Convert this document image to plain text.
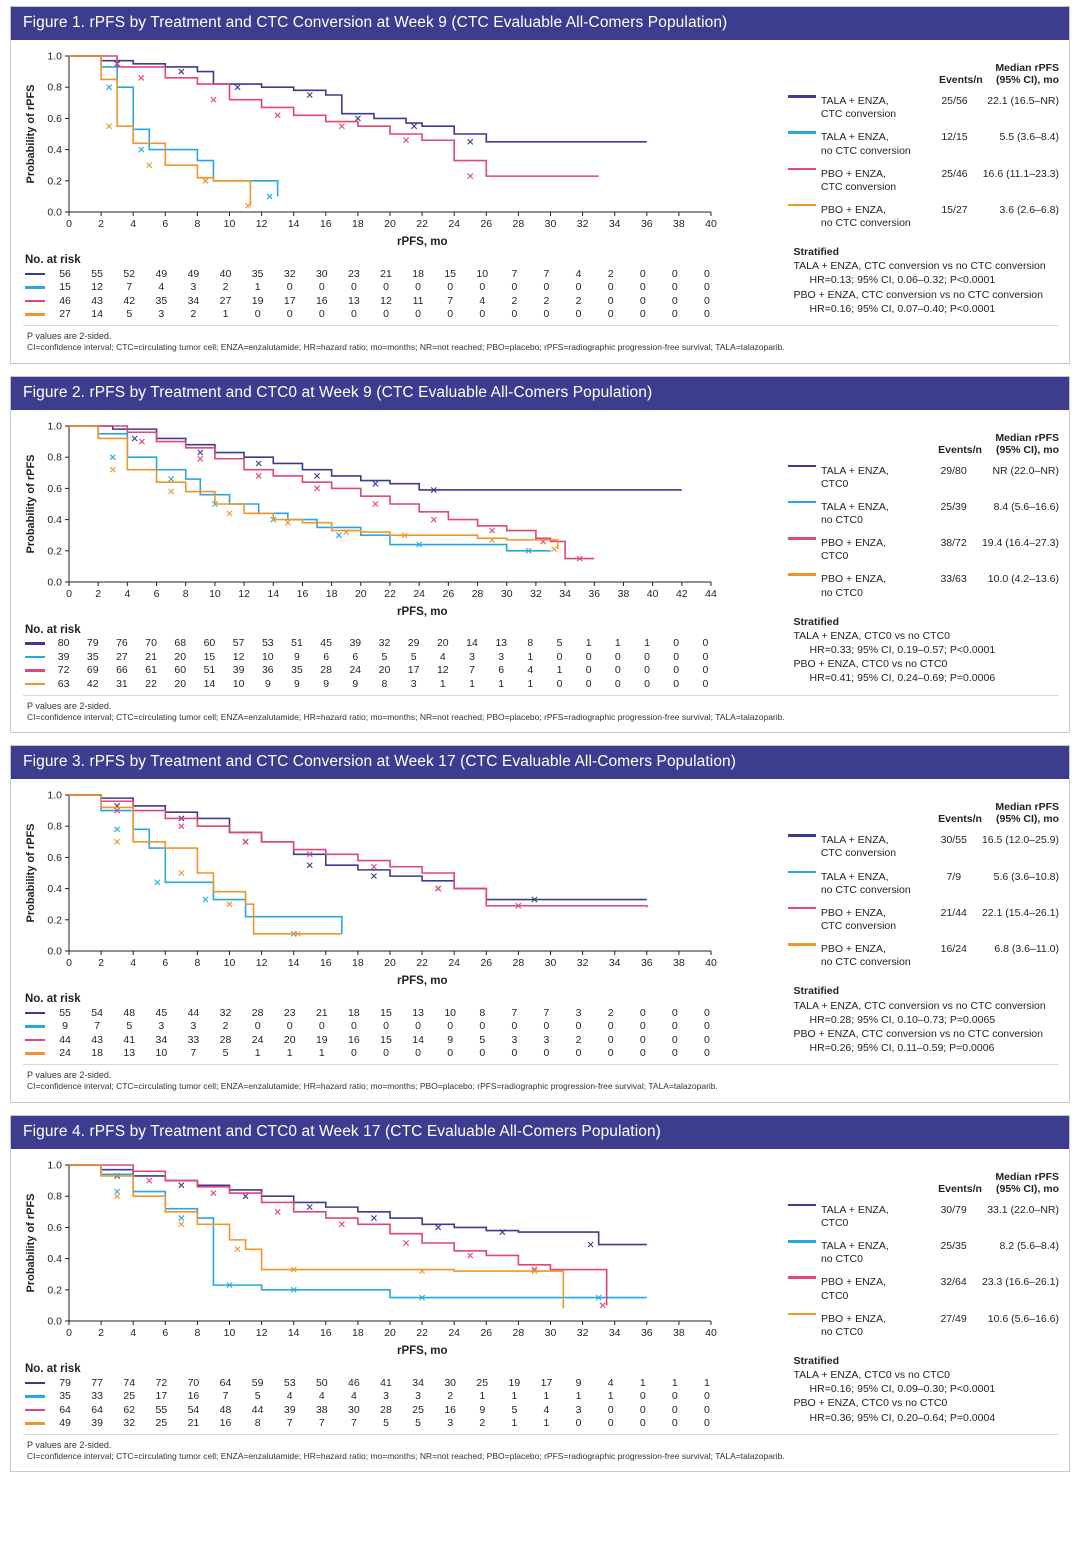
Figure 1. rPFS by Treatment and CTC Conversion at Week 9 (CTC Evaluable All-Comers Population)
0.0
0.2
0.4
0.6
0.8
1.0
0	2	4	6	8 10 12 14 16 18 20 22 24 26 28 30 32 34 36 38 40
Probability of rPFS
rPFS, mo
No. at risk
	56	55	52	49	49	40	35	32	30	23	21	18	15	10	7	7	4	2	0	0	0
	15	12	7	4	3	2	1	0	0	0	0	0	0	0	0	0	0	0	0	0	0
	46	43	42	35	34	27	19	17	16	13	12	11	7	4	2	2	2	0	0	0	0
	27	14	5	3	2	1	0	0	0	0	0	0	0	0	0	0	0	0	0	0	0
		Events/n	Median rPFS
(95% CI), mo

	TALA + ENZA,
CTC conversion	25/56	22.1 (16.5–NR)

	TALA + ENZA,
no CTC conversion	12/15	5.5 (3.6–8.4)

	PBO + ENZA,
CTC conversion	25/46	16.6 (11.1–23.3)

	PBO + ENZA,
no CTC conversion	15/27	3.6 (2.6–6.8)
Stratified
TALA + ENZA, CTC conversion vs no CTC conversion
HR=0.13; 95% CI, 0.06–0.32; P<0.0001
PBO + ENZA, CTC conversion vs no CTC conversion
HR=0.16; 95% CI, 0.07–0.40; P<0.0001
P values are 2-sided.
CI=confidence interval; CTC=circulating tumor cell; ENZA=enzalutamide; HR=hazard ratio; mo=months; NR=not reached; PBO=placebo; rPFS=radiographic progression-free survival; TALA=talazoparib.
Figure 2. rPFS by Treatment and CTC0 at Week 9 (CTC Evaluable All-Comers Population)
0.0
0.2
0.4
0.6
0.8
1.0
0 2 4 6 8 10 12 14 16 18 20 22 24 26 28 30 32 34 36 38 40 42 44
Probability of rPFS
rPFS, mo
No. at risk
	80	79	76	70	68	60	57	53	51	45	39	32	29	20	14	13	8	5	1	1	1	0	0
	39	35	27	21	20	15	12	10	9	6	6	5	5	4	3	3	1	0	0	0	0	0	0
	72	69	66	61	60	51	39	36	35	28	24	20	17	12	7	6	4	1	0	0	0	0	0
	63	42	31	22	20	14	10	9	9	9	9	8	3	1	1	1	1	0	0	0	0	0	0
		Events/n	Median rPFS
(95% CI), mo

	TALA + ENZA,
CTC0	29/80	NR (22.0–NR)

	TALA + ENZA,
no CTC0	25/39	8.4 (5.6–16.6)

	PBO + ENZA,
CTC0	38/72	19.4 (16.4–27.3)

	PBO + ENZA,
no CTC0	33/63	10.0 (4.2–13.6)
Stratified
TALA + ENZA, CTC0 vs no CTC0
HR=0.33; 95% CI, 0.19–0.57; P<0.0001
PBO + ENZA, CTC0 vs no CTC0
HR=0.41; 95% CI, 0.24–0.69; P=0.0006
P values are 2-sided.
CI=confidence interval; CTC=circulating tumor cell; ENZA=enzalutamide; HR=hazard ratio; mo=months; NR=not reached; PBO=placebo; rPFS=radiographic progression-free survival; TALA=talazoparib.
Figure 3. rPFS by Treatment and CTC Conversion at Week 17 (CTC Evaluable All-Comers Population)
0.0
0.2
0.4
0.6
0.8
1.0
0	2	4	6	8 10 12 14 16 18 20 22 24 26 28 30 32 34 36 38 40
Probability of rPFS
rPFS, mo
No. at risk
	55	54	48	45	44	32	28	23	21	18	15	13	10	8	7	7	3	2	0	0	0
	9	7	5	3	3	2	0	0	0	0	0	0	0	0	0	0	0	0	0	0	0
	44	43	41	34	33	28	24	20	19	16	15	14	9	5	3	3	2	0	0	0	0
	24	18	13	10	7	5	1	1	1	0	0	0	0	0	0	0	0	0	0	0	0
		Events/n	Median rPFS
(95% CI), mo

	TALA + ENZA,
CTC conversion	30/55	16.5 (12.0–25.9)

	TALA + ENZA,
no CTC conversion	7/9	5.6 (3.6–10.8)

	PBO + ENZA,
CTC conversion	21/44	22.1 (15.4–26.1)

	PBO + ENZA,
no CTC conversion	16/24	6.8 (3.6–11.0)
Stratified
TALA + ENZA, CTC conversion vs no CTC conversion
HR=0.28; 95% CI, 0.10–0.73; P=0.0065
PBO + ENZA, CTC conversion vs no CTC conversion
HR=0.26; 95% CI, 0.11–0.59; P=0.0006
P values are 2-sided.
CI=confidence interval; CTC=circulating tumor cell; ENZA=enzalutamide; HR=hazard ratio; mo=months; PBO=placebo; rPFS=radiographic progression-free survival; TALA=talazoparib.
Figure 4. rPFS by Treatment and CTC0 at Week 17 (CTC Evaluable All-Comers Population)
0.0
0.2
0.4
0.6
0.8
1.0
0	2	4	6	8 10 12 14 16 18 20 22 24 26 28 30 32 34 36 38 40
Probability of rPFS
rPFS, mo
No. at risk
	79	77	74	72	70	64	59	53	50	46	41	34	30	25	19	17	9	4	1	1	1
	35	33	25	17	16	7	5	4	4	4	3	3	2	1	1	1	1	1	0	0	0
	64	64	62	55	54	48	44	39	38	30	28	25	16	9	5	4	3	0	0	0	0
	49	39	32	25	21	16	8	7	7	7	5	5	3	2	1	1	0	0	0	0	0
		Events/n	Median rPFS
(95% CI), mo

	TALA + ENZA,
CTC0	30/79	33.1 (22.0–NR)

	TALA + ENZA,
no CTC0	25/35	8.2 (5.6–8.4)

	PBO + ENZA,
CTC0	32/64	23.3 (16.6–26.1)

	PBO + ENZA,
no CTC0	27/49	10.6 (5.6–16.6)
Stratified
TALA + ENZA, CTC0 vs no CTC0
HR=0.16; 95% CI, 0.09–0.30; P<0.0001
PBO + ENZA, CTC0 vs no CTC0
HR=0.36; 95% CI, 0.20–0.64; P=0.0004
P values are 2-sided.
CI=confidence interval; CTC=circulating tumor cell; ENZA=enzalutamide; HR=hazard ratio; mo=months; NR=not reached; PBO=placebo; rPFS=radiographic progression-free survival; TALA=talazoparib.
